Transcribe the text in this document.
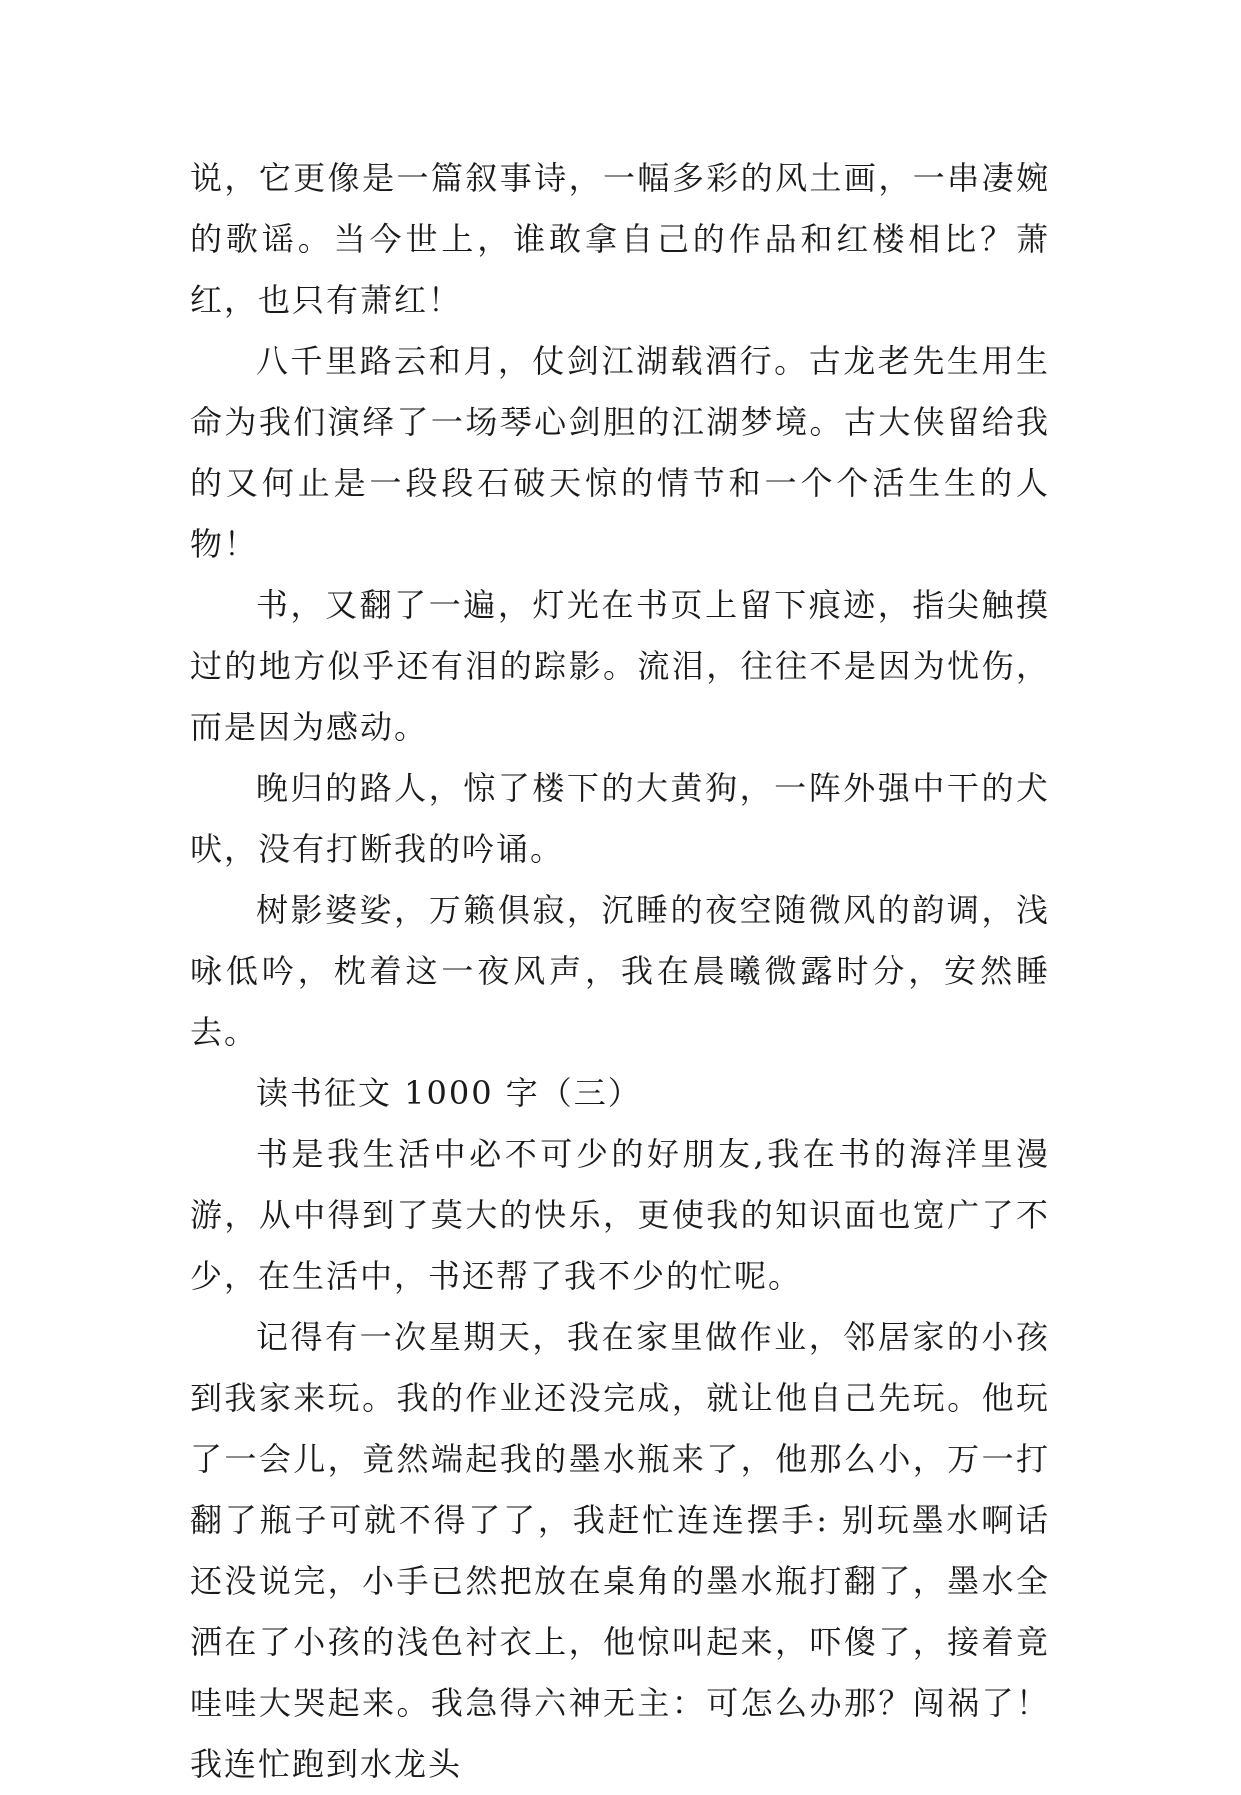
说，它更像是一篇叙事诗，一幅多彩的风土画，一串凄婉的歌谣。当今世上，谁敢拿自己的作品和红楼相比？萧红，也只有萧红！

八千里路云和月，仗剑江湖载酒行。古龙老先生用生命为我们演绎了一场琴心剑胆的江湖梦境。古大侠留给我的又何止是一段段石破天惊的情节和一个个活生生的人物！

书，又翻了一遍，灯光在书页上留下痕迹，指尖触摸过的地方似乎还有泪的踪影。流泪，往往不是因为忧伤，而是因为感动。

晚归的路人，惊了楼下的大黄狗，一阵外强中干的犬吠，没有打断我的吟诵。

树影婆娑，万籁俱寂，沉睡的夜空随微风的韵调，浅咏低吟，枕着这一夜风声，我在晨曦微露时分，安然睡去。

读书征文 1000 字（三）

书是我生活中必不可少的好朋友,我在书的海洋里漫游，从中得到了莫大的快乐，更使我的知识面也宽广了不少，在生活中，书还帮了我不少的忙呢。

记得有一次星期天，我在家里做作业，邻居家的小孩到我家来玩。我的作业还没完成，就让他自己先玩。他玩了一会儿，竟然端起我的墨水瓶来了，他那么小，万一打翻了瓶子可就不得了了，我赶忙连连摆手: 别玩墨水啊话还没说完，小手已然把放在桌角的墨水瓶打翻了，墨水全洒在了小孩的浅色衬衣上，他惊叫起来，吓傻了，接着竟哇哇大哭起来。我急得六神无主：可怎么办那？闯祸了！我连忙跑到水龙头
